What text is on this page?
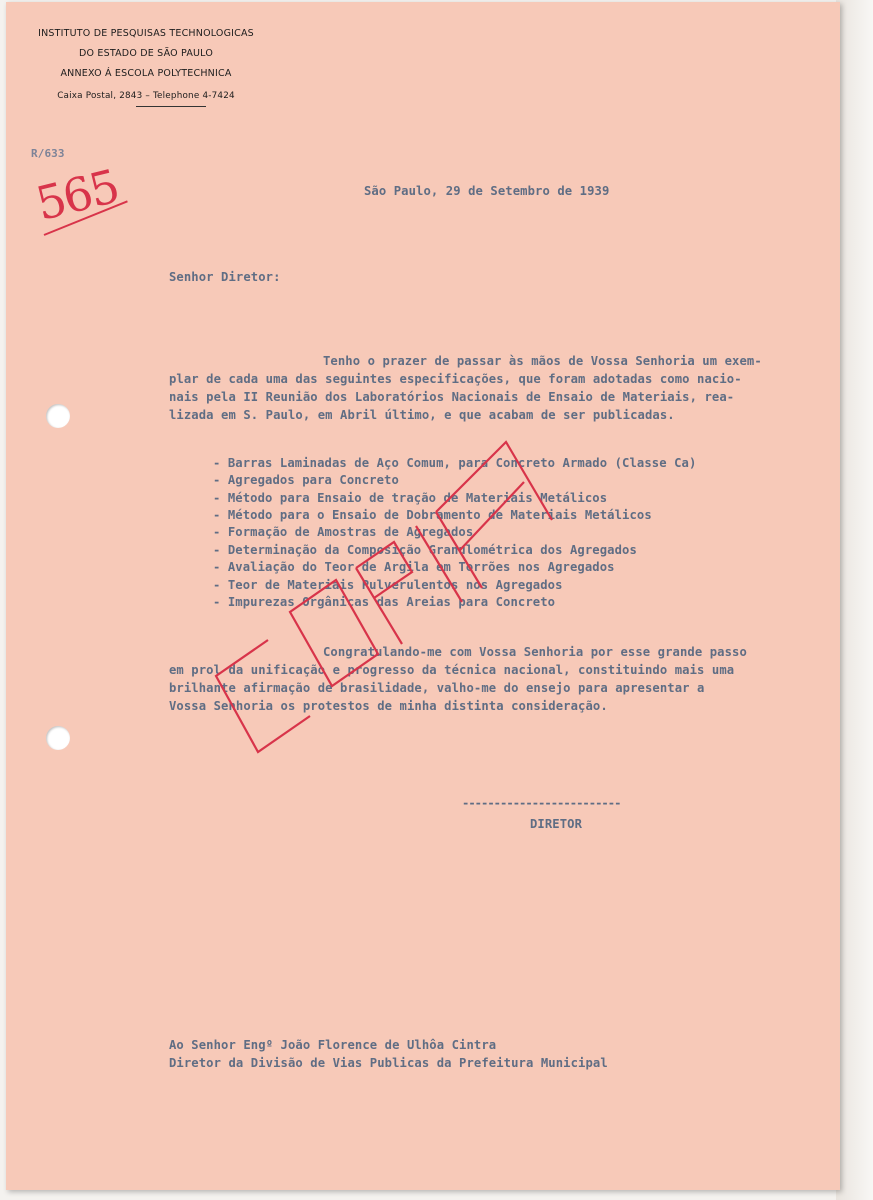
INSTITUTO DE PESQUISAS TECHNOLOGICAS
DO ESTADO DE SÃO PAULO
ANNEXO Á ESCOLA POLYTECHNICA
Caixa Postal, 2843 – Telephone 4-7424
R/633
565	São Paulo, 29 de Setembro de 1939
Senhor Diretor:
Tenho o prazer de passar às mãos de Vossa Senhoria um exem-
plar de cada uma das seguintes especificações, que foram adotadas como nacio-
nais pela II Reunião dos Laboratórios Nacionais de Ensaio de Materiais, rea-
lizada em S. Paulo, em Abril último, e que acabam de ser publicadas.
- Barras Laminadas de Aço Comum, para Concreto Armado (Classe Ca)
- Agregados para Concreto
- Método para Ensaio de tração de Materiais Metálicos
- Método para o Ensaio de Dobramento de Materiais Metálicos
- Formação de Amostras de Agregados
- Determinação da Composição Granulométrica dos Agregados
- Avaliação do Teor de Argila em Torrões nos Agregados
- Teor de Materiais Pulverulentos nos Agregados
- Impurezas Orgânicas das Areias para Concreto
Congratulando-me com Vossa Senhoria por esse grande passo
em prol da unificação e progresso da técnica nacional, constituindo mais uma
brilhante afirmação de brasilidade, valho-me do ensejo para apresentar a
Vossa Senhoria os protestos de minha distinta consideração.
-------------------------
DIRETOR
Ao Senhor Engº João Florence de Ulhôa Cintra
Diretor da Divisão de Vias Publicas da Prefeitura Municipal
